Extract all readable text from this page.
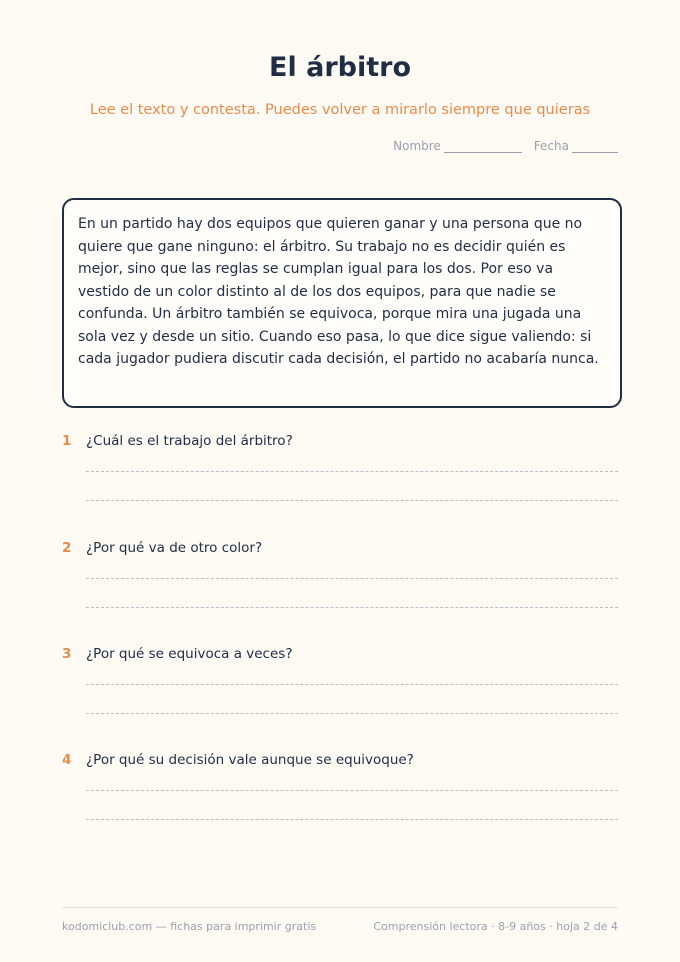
El árbitro

Lee el texto y contesta. Puedes volver a mirarlo siempre que quieras

Nombre	Fecha

En un partido hay dos equipos que quieren ganar y una persona que no quiere que gane ninguno: el árbitro. Su trabajo no es decidir quién es mejor, sino que las reglas se cumplan igual para los dos. Por eso va vestido de un color distinto al de los dos equipos, para que nadie se confunda. Un árbitro también se equivoca, porque mira una jugada una sola vez y desde un sitio. Cuando eso pasa, lo que dice sigue valiendo: si cada jugador pudiera discutir cada decisión, el partido no acabaría nunca.

1	¿Cuál es el trabajo del árbitro?
2	¿Por qué va de otro color?
3	¿Por qué se equivoca a veces?
4	¿Por qué su decisión vale aunque se equivoque?
kodomiclub.com — fichas para imprimir gratis	Comprensión lectora · 8-9 años · hoja 2 de 4
